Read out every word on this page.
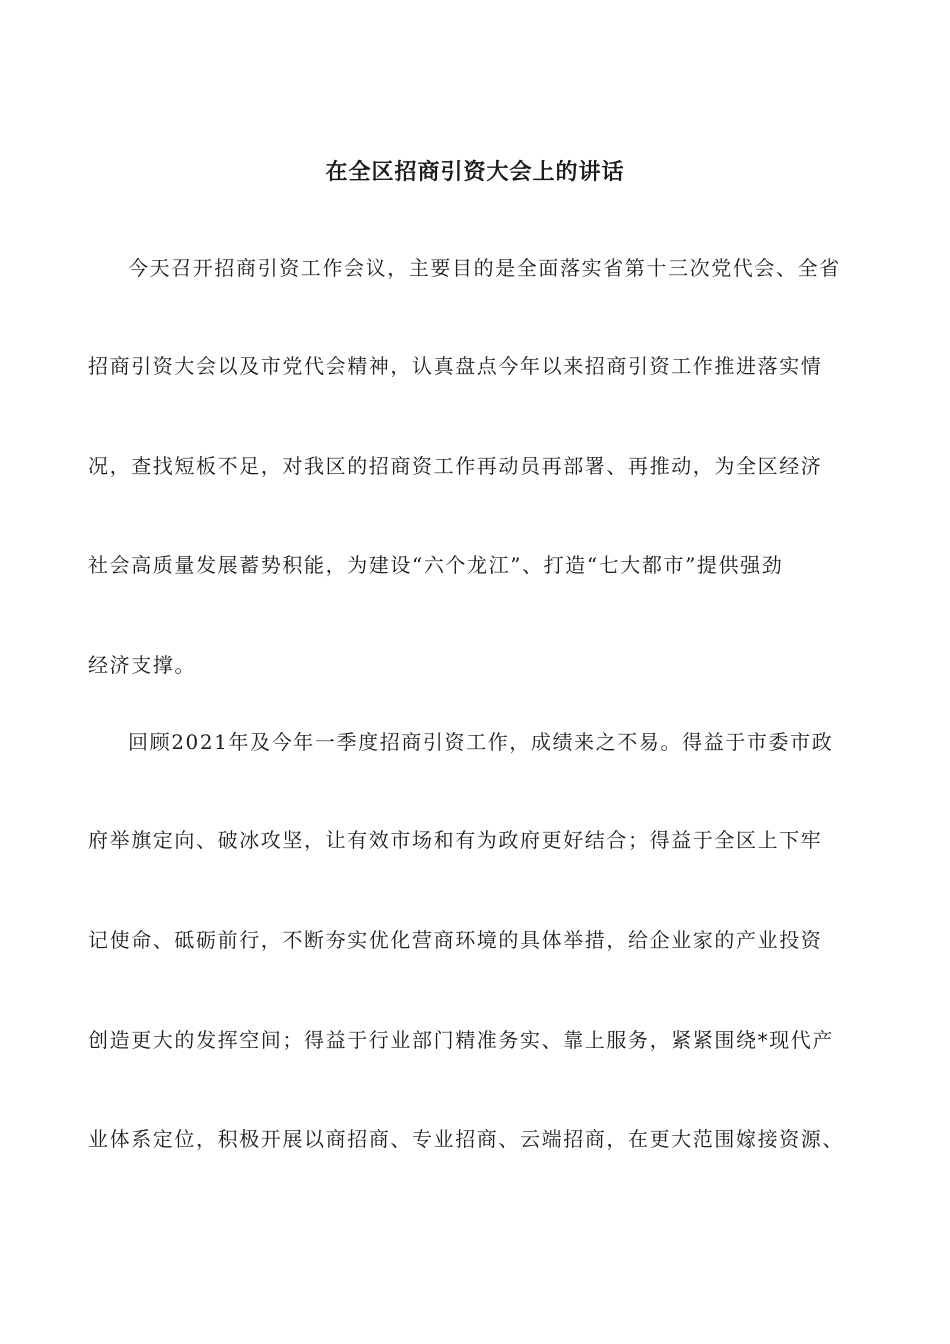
在全区招商引资大会上的讲话
今天召开招商引资工作会议，主要目的是全面落实省第十三次党代会、全省
招商引资大会以及市党代会精神，认真盘点今年以来招商引资工作推进落实情
况，查找短板不足，对我区的招商资工作再动员再部署、再推动，为全区经济
社会高质量发展蓄势积能，为建设“六个龙江”、打造“七大都市”提供强劲
经济支撑。
回顾2021年及今年一季度招商引资工作，成绩来之不易。得益于市委市政
府举旗定向、破冰攻坚，让有效市场和有为政府更好结合；得益于全区上下牢
记使命、砥砺前行，不断夯实优化营商环境的具体举措，给企业家的产业投资
创造更大的发挥空间；得益于行业部门精准务实、靠上服务，紧紧围绕*现代产
业体系定位，积极开展以商招商、专业招商、云端招商，在更大范围嫁接资源、
